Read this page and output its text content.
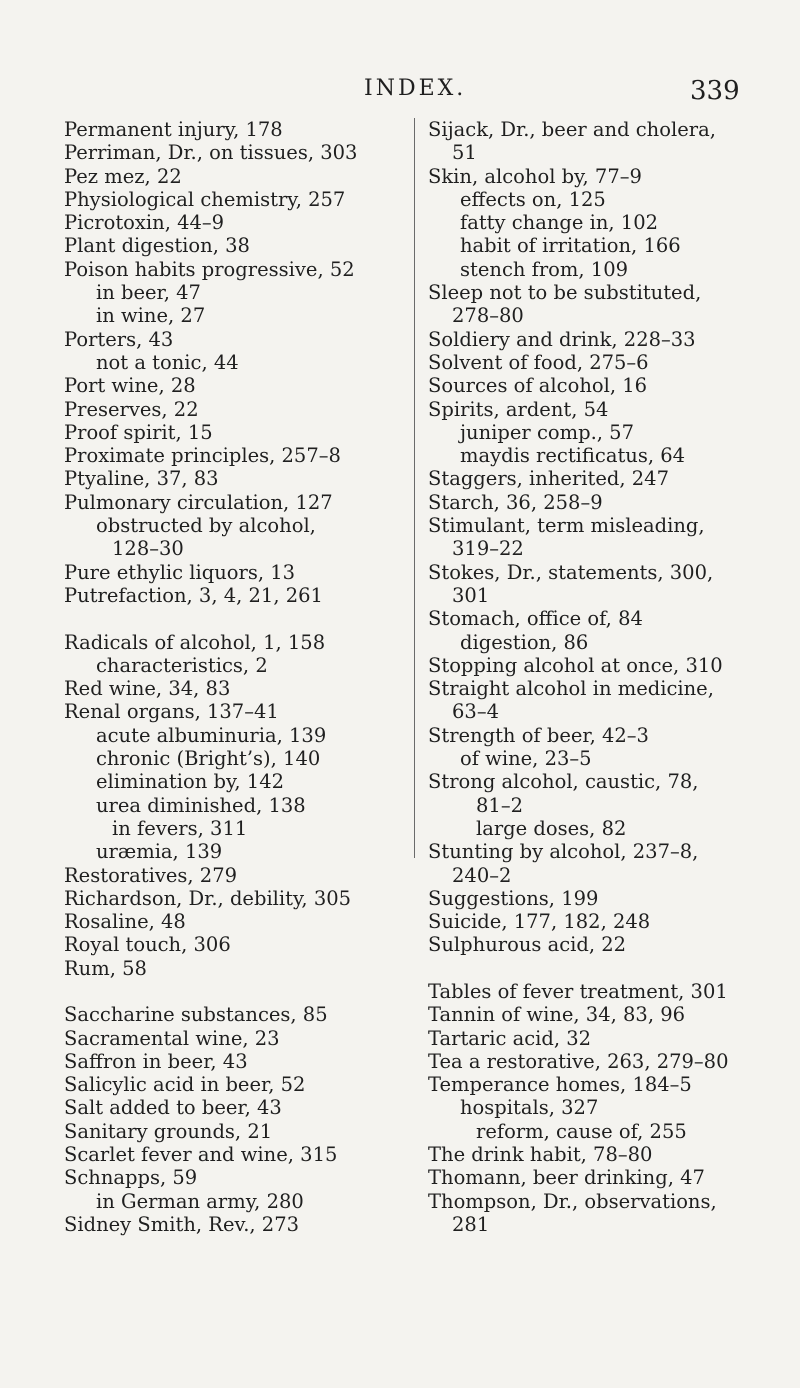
INDEX.	339
Permanent injury, 178
Perriman, Dr., on tissues, 303
Pez mez, 22
Physiological chemistry, 257
Picrotoxin, 44–9
Plant digestion, 38
Poison habits progressive, 52
in beer, 47
in wine, 27
Porters, 43
not a tonic, 44
Port wine, 28
Preserves, 22
Proof spirit, 15
Proximate principles, 257–8
Ptyaline, 37, 83
Pulmonary circulation, 127
obstructed by alcohol,
128–30
Pure ethylic liquors, 13
Putrefaction, 3, 4, 21, 261
Radicals of alcohol, 1, 158
characteristics, 2
Red wine, 34, 83
Renal organs, 137–41
acute albuminuria, 139
chronic (Bright’s), 140
elimination by, 142
urea diminished, 138
in fevers, 311
uræmia, 139
Restoratives, 279
Richardson, Dr., debility, 305
Rosaline, 48
Royal touch, 306
Rum, 58
Saccharine substances, 85
Sacramental wine, 23
Saffron in beer, 43
Salicylic acid in beer, 52
Salt added to beer, 43
Sanitary grounds, 21
Scarlet fever and wine, 315
Schnapps, 59
in German army, 280
Sidney Smith, Rev., 273
Sijack, Dr., beer and cholera,
51
Skin, alcohol by, 77–9
effects on, 125
fatty change in, 102
habit of irritation, 166
stench from, 109
Sleep not to be substituted,
278–80
Soldiery and drink, 228–33
Solvent of food, 275–6
Sources of alcohol, 16
Spirits, ardent, 54
juniper comp., 57
maydis rectificatus, 64
Staggers, inherited, 247
Starch, 36, 258–9
Stimulant, term misleading,
319–22
Stokes, Dr., statements, 300,
301
Stomach, office of, 84
digestion, 86
Stopping alcohol at once, 310
Straight alcohol in medicine,
63–4
Strength of beer, 42–3
of wine, 23–5
Strong alcohol, caustic, 78,
81–2
large doses, 82
Stunting by alcohol, 237–8,
240–2
Suggestions, 199
Suicide, 177, 182, 248
Sulphurous acid, 22
Tables of fever treatment, 301
Tannin of wine, 34, 83, 96
Tartaric acid, 32
Tea a restorative, 263, 279–80
Temperance homes, 184–5
hospitals, 327
reform, cause of, 255
The drink habit, 78–80
Thomann, beer drinking, 47
Thompson, Dr., observations,
281
